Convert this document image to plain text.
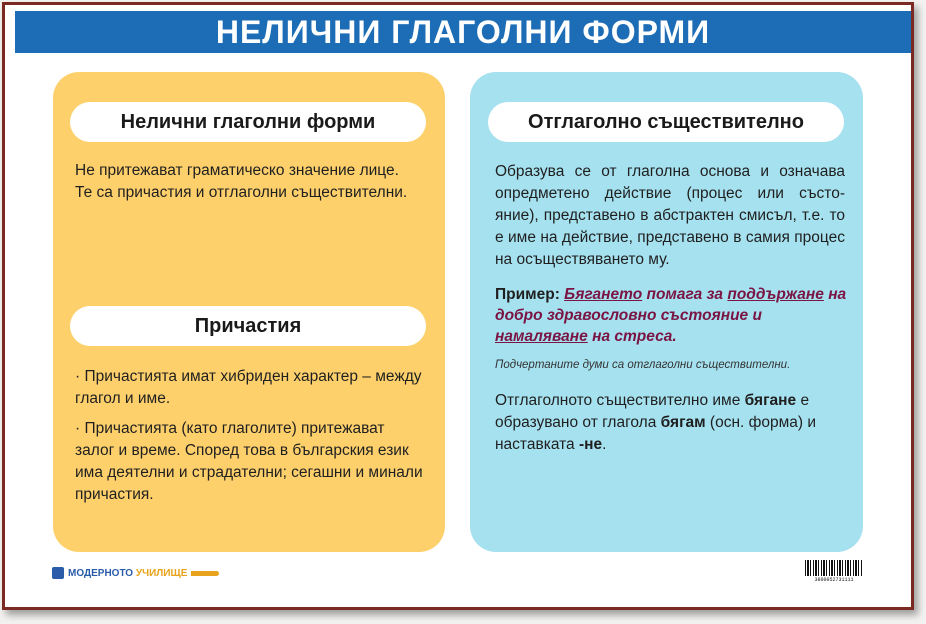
НЕЛИЧНИ ГЛАГОЛНИ ФОРМИ
Нелични глаголни форми

Не притежават граматическо значение лице.

Те са причастия и отглаголни съществителни.

Причастия

· Причастията имат хибриден характер – между глагол и име.

· Причастията (като глаголите) притежават залог и време. Според това в българския език има деятелни и страдателни; сегашни и минали причастия.

Отглаголно съществително
Образува се от глаголна основа и означава опредметено действие (процес или състо-яние), представено в абстрактен смисъл, т.е. то е име на действие, представено в самия процес на осъществяването му.
Пример: Бягането помага за поддържане на добро здравословно състояние и намаляване на стреса.
Подчертаните думи са отглаголни съществителни.
Отглаголното съществително име бягане е образувано от глагола бягам (осн. форма) и наставката -не.
МОДЕРНОТО УЧИЛИЩЕ
3800052731111
